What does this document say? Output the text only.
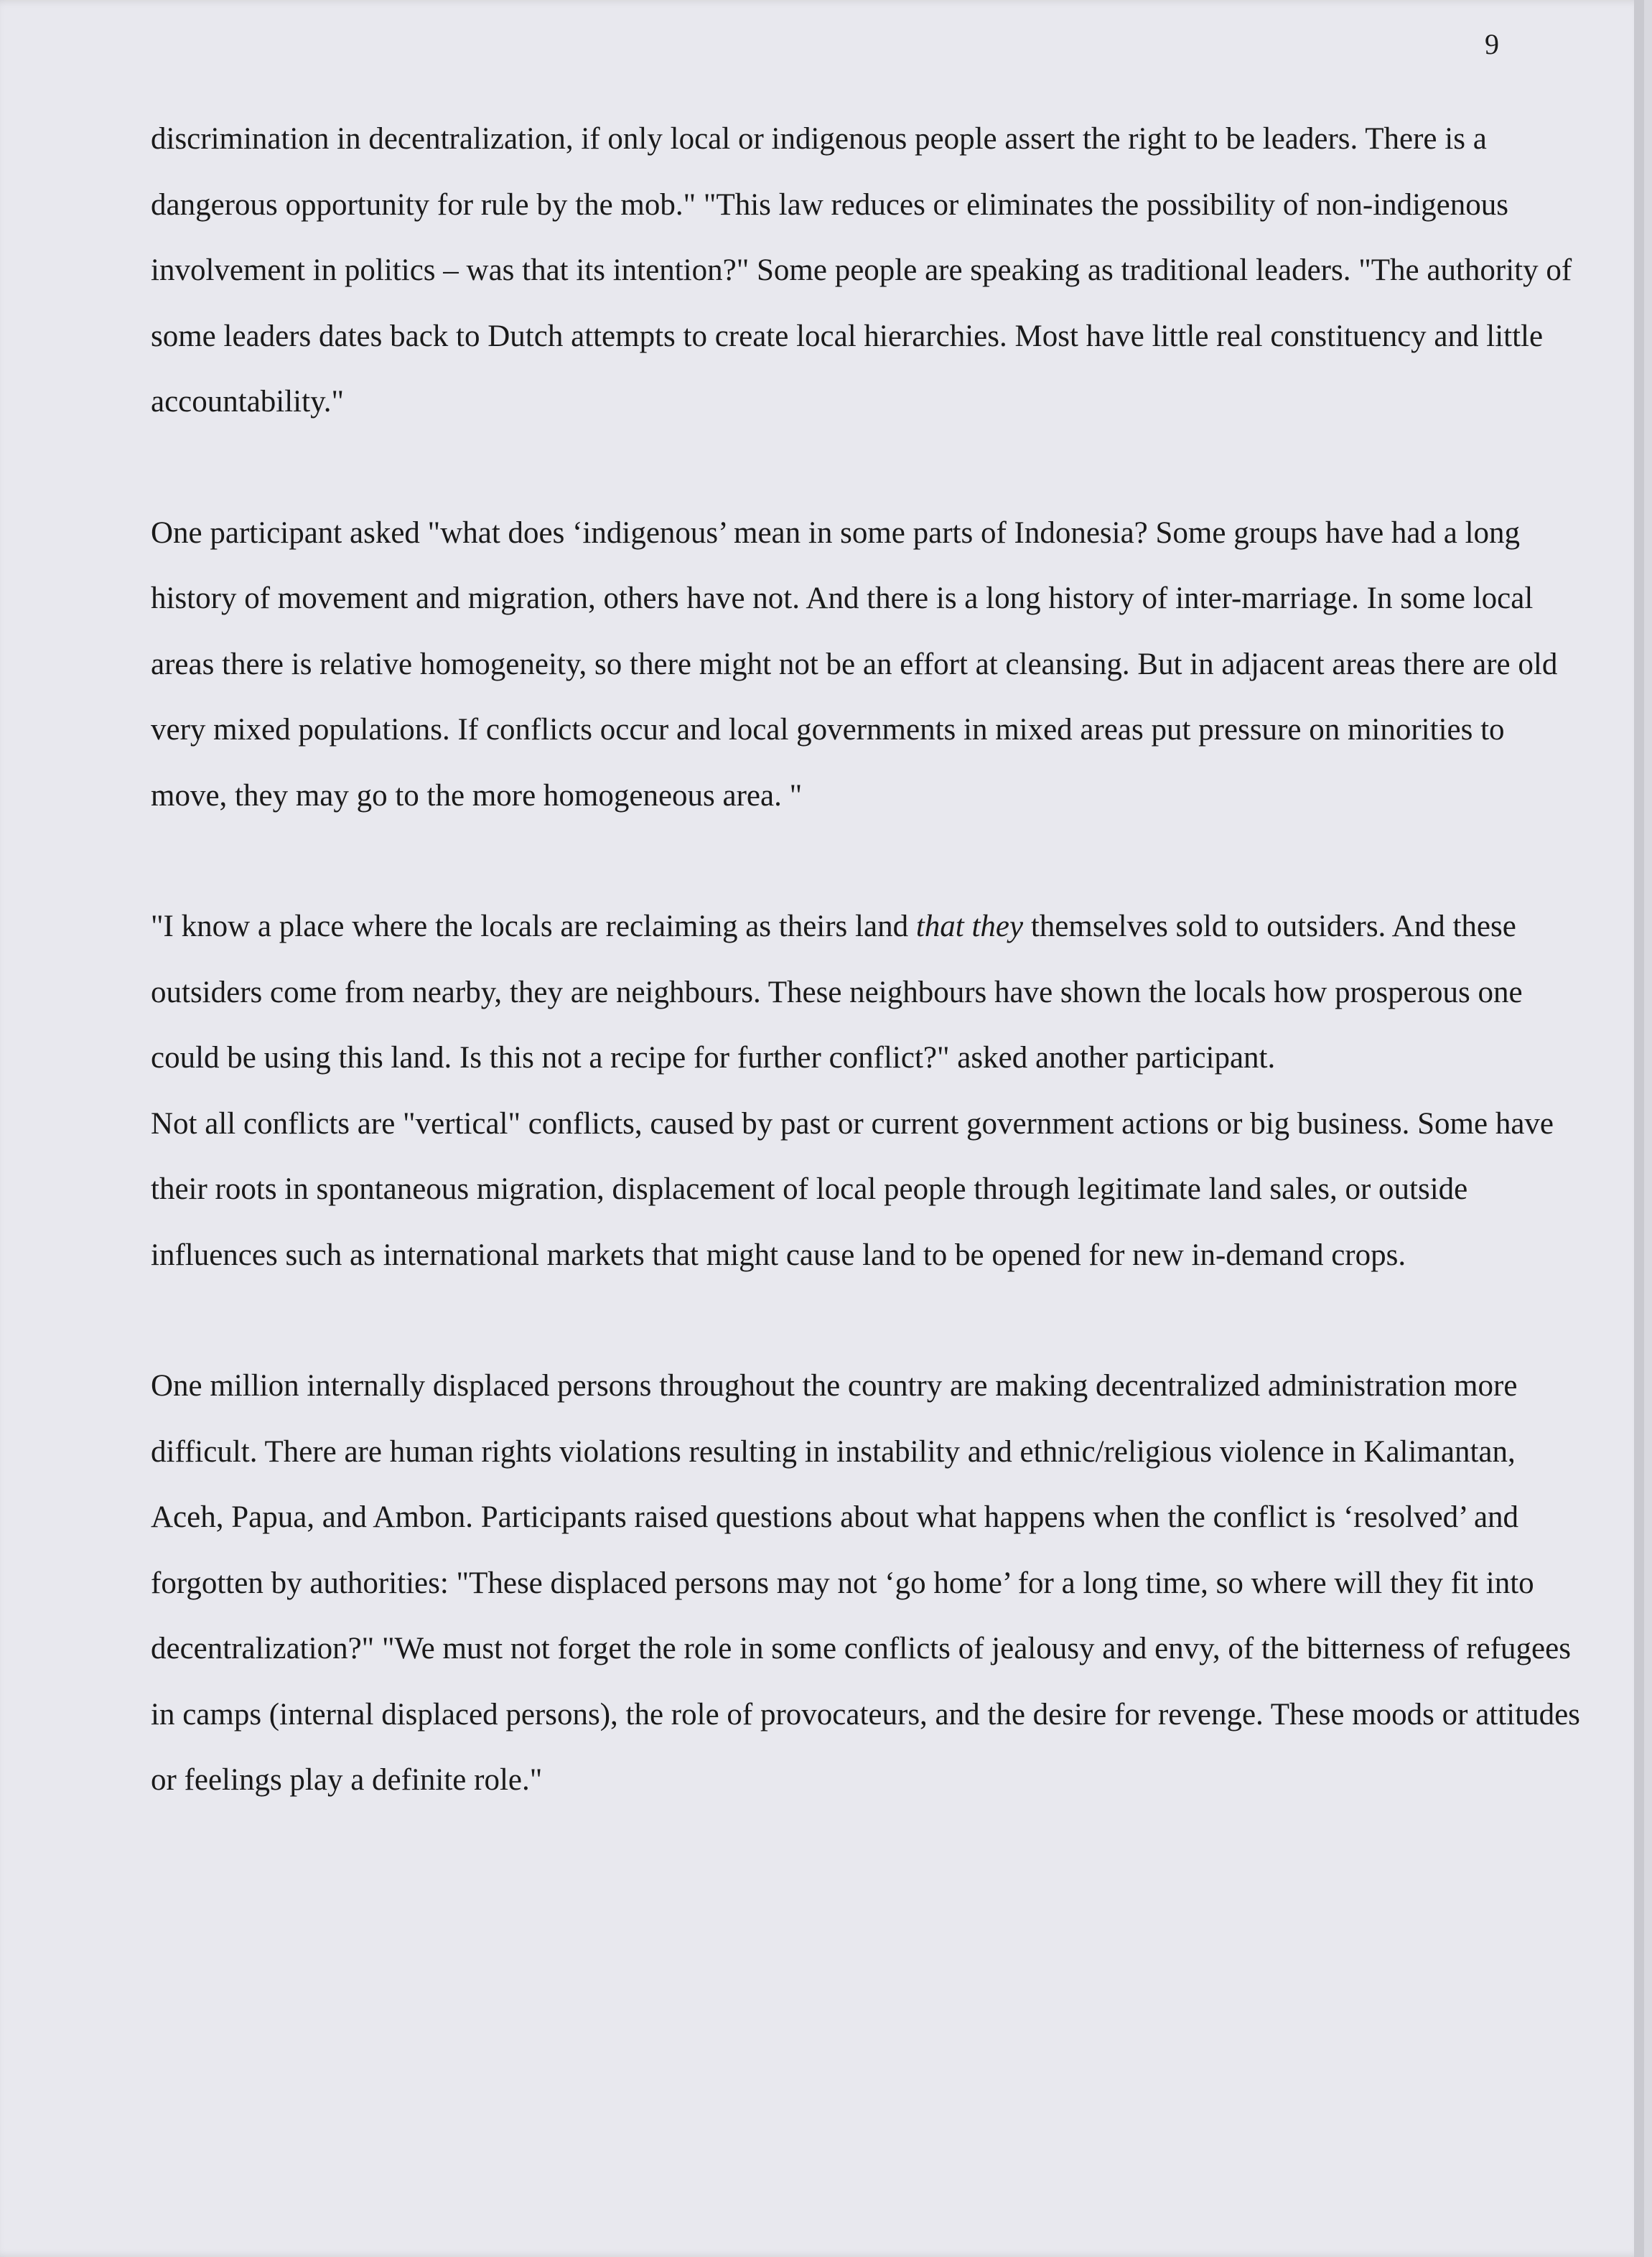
9

discrimination in decentralization, if only local or indigenous people assert the right to be leaders. There is a dangerous opportunity for rule by the mob." "This law reduces or eliminates the possibility of non-indigenous involvement in politics – was that its intention?" Some people are speaking as traditional leaders. "The authority of some leaders dates back to Dutch attempts to create local hierarchies. Most have little real constituency and little accountability."

One participant asked "what does ‘indigenous’ mean in some parts of Indonesia? Some groups have had a long history of movement and migration, others have not. And there is a long history of inter-marriage. In some local areas there is relative homogeneity, so there might not be an effort at cleansing. But in adjacent areas there are old very mixed populations. If conflicts occur and local governments in mixed areas put pressure on minorities to move, they may go to the more homogeneous area. "

"I know a place where the locals are reclaiming as theirs land that they themselves sold to outsiders. And these outsiders come from nearby, they are neighbours. These neighbours have shown the locals how prosperous one could be using this land. Is this not a recipe for further conflict?" asked another participant.

Not all conflicts are "vertical" conflicts, caused by past or current government actions or big business. Some have their roots in spontaneous migration, displacement of local people through legitimate land sales, or outside influences such as international markets that might cause land to be opened for new in-demand crops.

One million internally displaced persons throughout the country are making decentralized administration more difficult. There are human rights violations resulting in instability and ethnic/religious violence in Kalimantan, Aceh, Papua, and Ambon. Participants raised questions about what happens when the conflict is ‘resolved’ and forgotten by authorities: "These displaced persons may not ‘go home’ for a long time, so where will they fit into decentralization?" "We must not forget the role in some conflicts of jealousy and envy, of the bitterness of refugees in camps (internal displaced persons), the role of provocateurs, and the desire for revenge. These moods or attitudes or feelings play a definite role."
